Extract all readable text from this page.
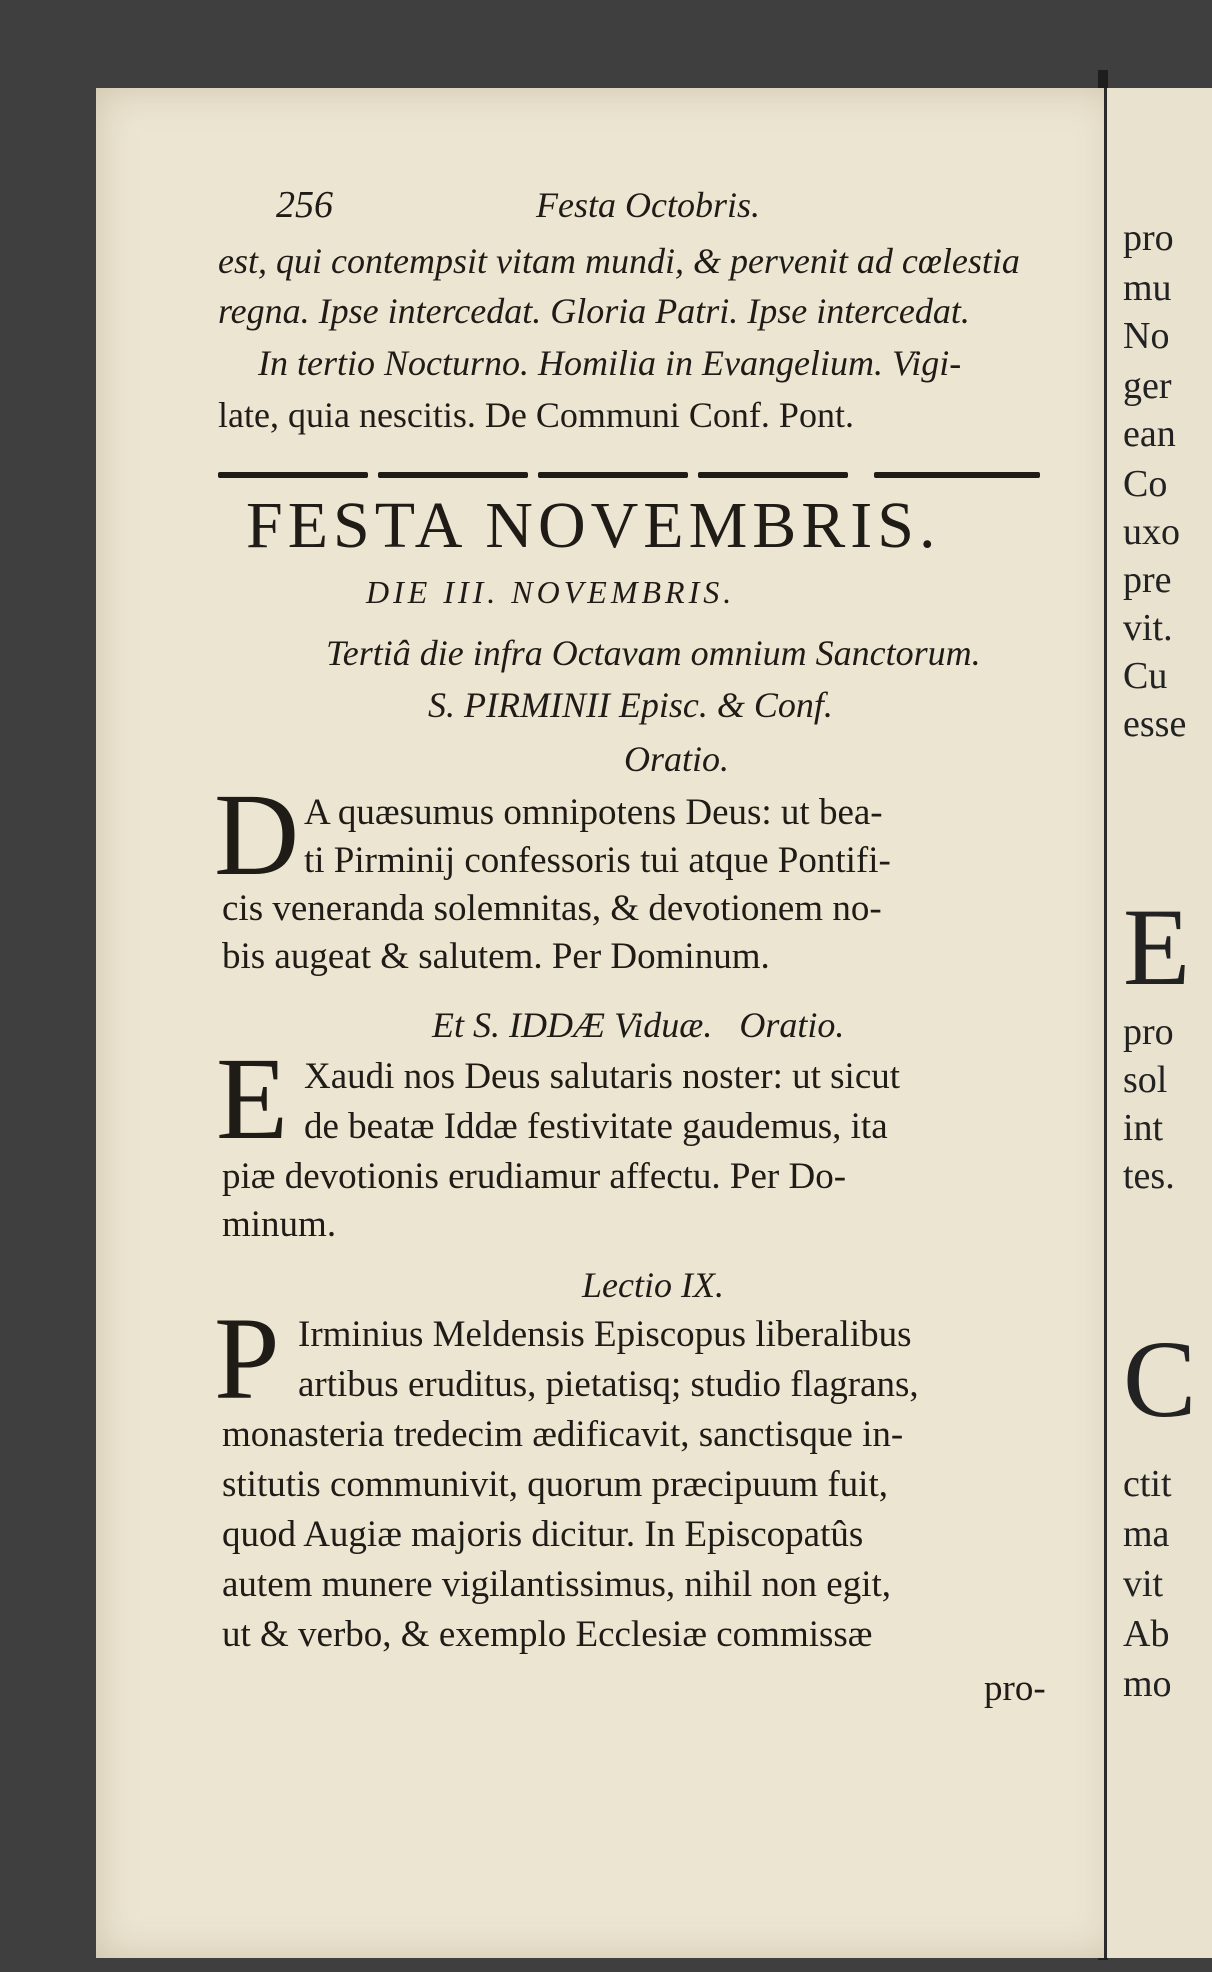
256	Festa Octobris.
est, qui contempsit vitam mundi, & pervenit ad cœlestia
regna. Ipse intercedat. Gloria Patri. Ipse intercedat.
In tertio Nocturno. Homilia in Evangelium. Vigi-
late, quia nescitis. De Communi Conf. Pont.
FESTA NOVEMBRIS.
DIE III. NOVEMBRIS.
Tertiâ die infra Octavam omnium Sanctorum.
S. PIRMINII Episc. & Conf.
Oratio.
D A quæsumus omnipotens Deus: ut bea-
ti Pirminij confessoris tui atque Pontifi-
cis veneranda solemnitas, & devotionem no-
bis augeat & salutem. Per Dominum.
Et S. IDDÆ Viduæ.   Oratio.
E Xaudi nos Deus salutaris noster: ut sicut
de beatæ Iddæ festivitate gaudemus, ita
piæ devotionis erudiamur affectu. Per Do-
minum.
Lectio IX.
P Irminius Meldensis Episcopus liberalibus
artibus eruditus, pietatisq; studio flagrans,
monasteria tredecim ædificavit, sanctisque in-
stitutis communivit, quorum præcipuum fuit,
quod Augiæ majoris dicitur. In Episcopatûs
autem munere vigilantissimus, nihil non egit,
ut & verbo, & exemplo Ecclesiæ commissæ
pro-
pro
mu
No
ger
ean
Co
uxo
pre
vit.
Cu
esse
E
pro
sol
int
tes.
C
ctit
ma
vit
Ab
mo
